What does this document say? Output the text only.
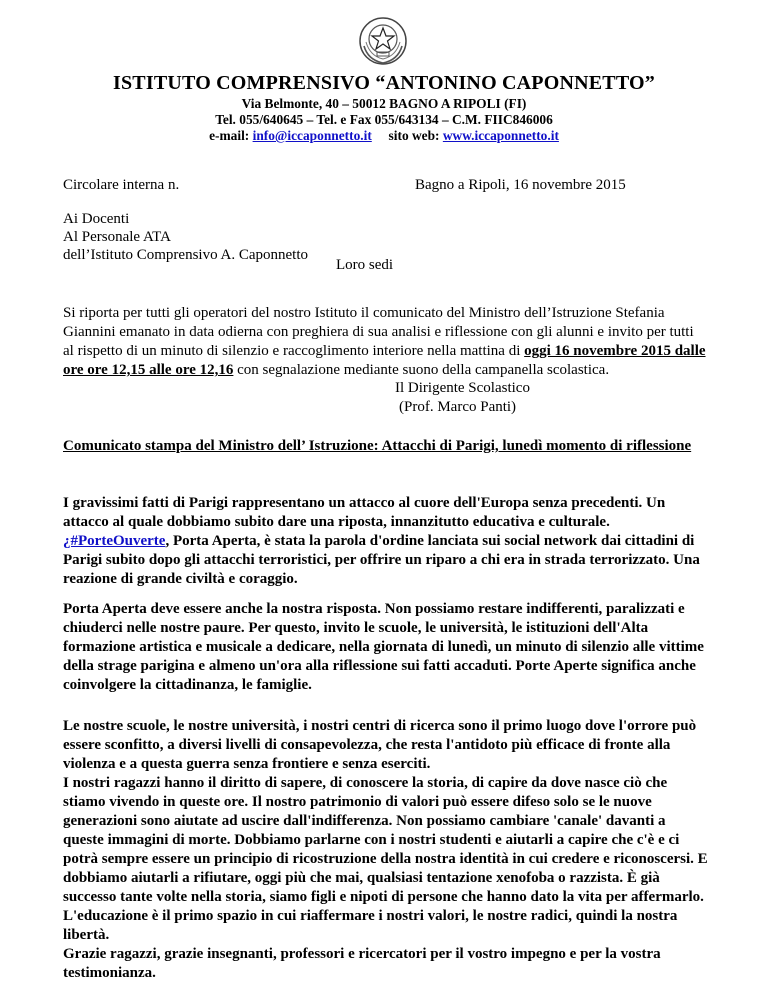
ISTITUTO COMPRENSIVO “ANTONINO CAPONNETTO”
Via Belmonte, 40 – 50012 BAGNO A RIPOLI (FI)
Tel. 055/640645 – Tel. e Fax 055/643134 – C.M. FIIC846006
e-mail: info@iccaponnetto.it sito web: www.iccaponnetto.it
Circolare interna n.	Bagno a Ripoli, 16 novembre 2015
Ai Docenti
Al Personale ATA
dell’Istituto Comprensivo A. Caponnetto
Loro sedi
Si riporta per tutti gli operatori del nostro Istituto il comunicato del Ministro dell’Istruzione Stefania Giannini emanato in data odierna con preghiera di sua analisi e riflessione con gli alunni e invito per tutti al rispetto di un minuto di silenzio e raccoglimento interiore nella mattina di oggi 16 novembre 2015 dalle ore ore 12,15 alle ore 12,16 con segnalazione mediante suono della campanella scolastica.
Il Dirigente Scolastico
(Prof. Marco Panti)
Comunicato stampa del Ministro dell’ Istruzione: Attacchi di Parigi, lunedì momento di riflessione
I gravissimi fatti di Parigi rappresentano un attacco al cuore dell'Europa senza precedenti. Un attacco al quale dobbiamo subito dare una riposta, innanzitutto educativa e culturale. ¿#PorteOuverte, Porta Aperta, è stata la parola d'ordine lanciata sui social network dai cittadini di Parigi subito dopo gli attacchi terroristici, per offrire un riparo a chi era in strada terrorizzato. Una reazione di grande civiltà e coraggio.
Porta Aperta deve essere anche la nostra risposta. Non possiamo restare indifferenti, paralizzati e chiuderci nelle nostre paure. Per questo, invito le scuole, le università, le istituzioni dell'Alta formazione artistica e musicale a dedicare, nella giornata di lunedì, un minuto di silenzio alle vittime della strage parigina e almeno un'ora alla riflessione sui fatti accaduti. Porte Aperte significa anche coinvolgere la cittadinanza, le famiglie.

Le nostre scuole, le nostre università, i nostri centri di ricerca sono il primo luogo dove l'orrore può essere sconfitto, a diversi livelli di consapevolezza, che resta l'antidoto più efficace di fronte alla violenza e a questa guerra senza frontiere e senza eserciti.

I nostri ragazzi hanno il diritto di sapere, di conoscere la storia, di capire da dove nasce ciò che stiamo vivendo in queste ore. Il nostro patrimonio di valori può essere difeso solo se le nuove generazioni sono aiutate ad uscire dall'indifferenza. Non possiamo cambiare 'canale' davanti a queste immagini di morte. Dobbiamo parlarne con i nostri studenti e aiutarli a capire che c'è e ci potrà sempre essere un principio di ricostruzione della nostra identità in cui credere e riconoscersi. E dobbiamo aiutarli a rifiutare, oggi più che mai, qualsiasi tentazione xenofoba o razzista. È già successo tante volte nella storia, siamo figli e nipoti di persone che hanno dato la vita per affermarlo. L'educazione è il primo spazio in cui riaffermare i nostri valori, le nostre radici, quindi la nostra libertà.

Grazie ragazzi, grazie insegnanti, professori e ricercatori per il vostro impegno e per la vostra testimonianza.
